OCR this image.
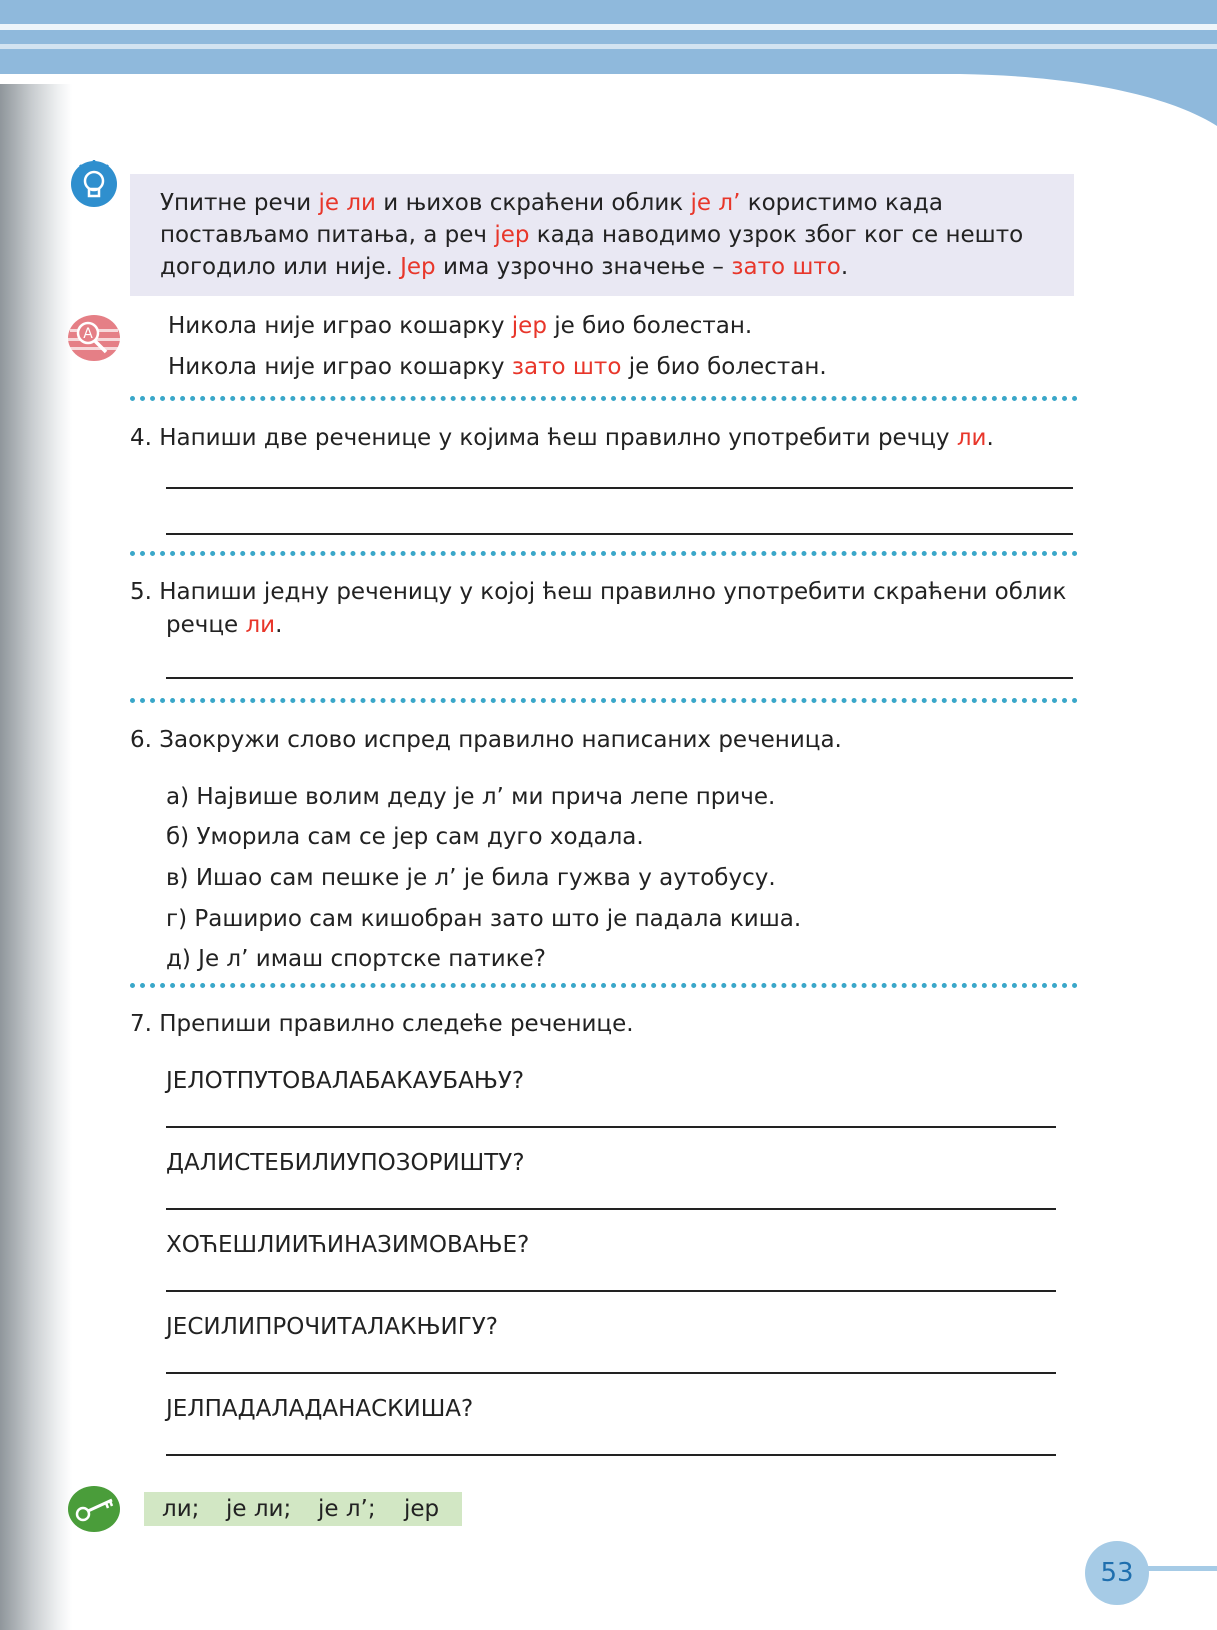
Упитне речи је ли и њихов скраћени облик је л’ користимо када
постављамо питања, а реч јер када наводимо узрок због ког се нешто
догодило или није. Јер има узрочно значење – зато што.
A	Никола није играо кошарку јер је био болестан.
Никола није играо кошарку зато што је био болестан.
4. Напиши две реченице у којима ћеш правилно употребити речцу ли.
5. Напиши једну реченицу у којој ћеш правилно употребити скраћени облик
речце ли.
6. Заокружи слово испред правилно написаних реченица.
а) Највише волим деду је л’ ми прича лепе приче.
б) Уморила сам се јер сам дуго ходала.
в) Ишао сам пешке је л’ је била гужва у аутобусу.
г) Раширио сам кишобран зато што је падала киша.
д) Је л’ имаш спортске патике?
7. Препиши правилно следеће реченице.
ЈЕЛОТПУТОВАЛАБАКАУБАЊУ?
ДАЛИСТЕБИЛИУПОЗОРИШТУ?
ХОЋЕШЛИИЋИНАЗИМОВАЊЕ?
ЈЕСИЛИПРОЧИТАЛАКЊИГУ?
ЈЕЛПАДАЛАДАНАСКИША?
ли; је ли; је л’; јер
53
